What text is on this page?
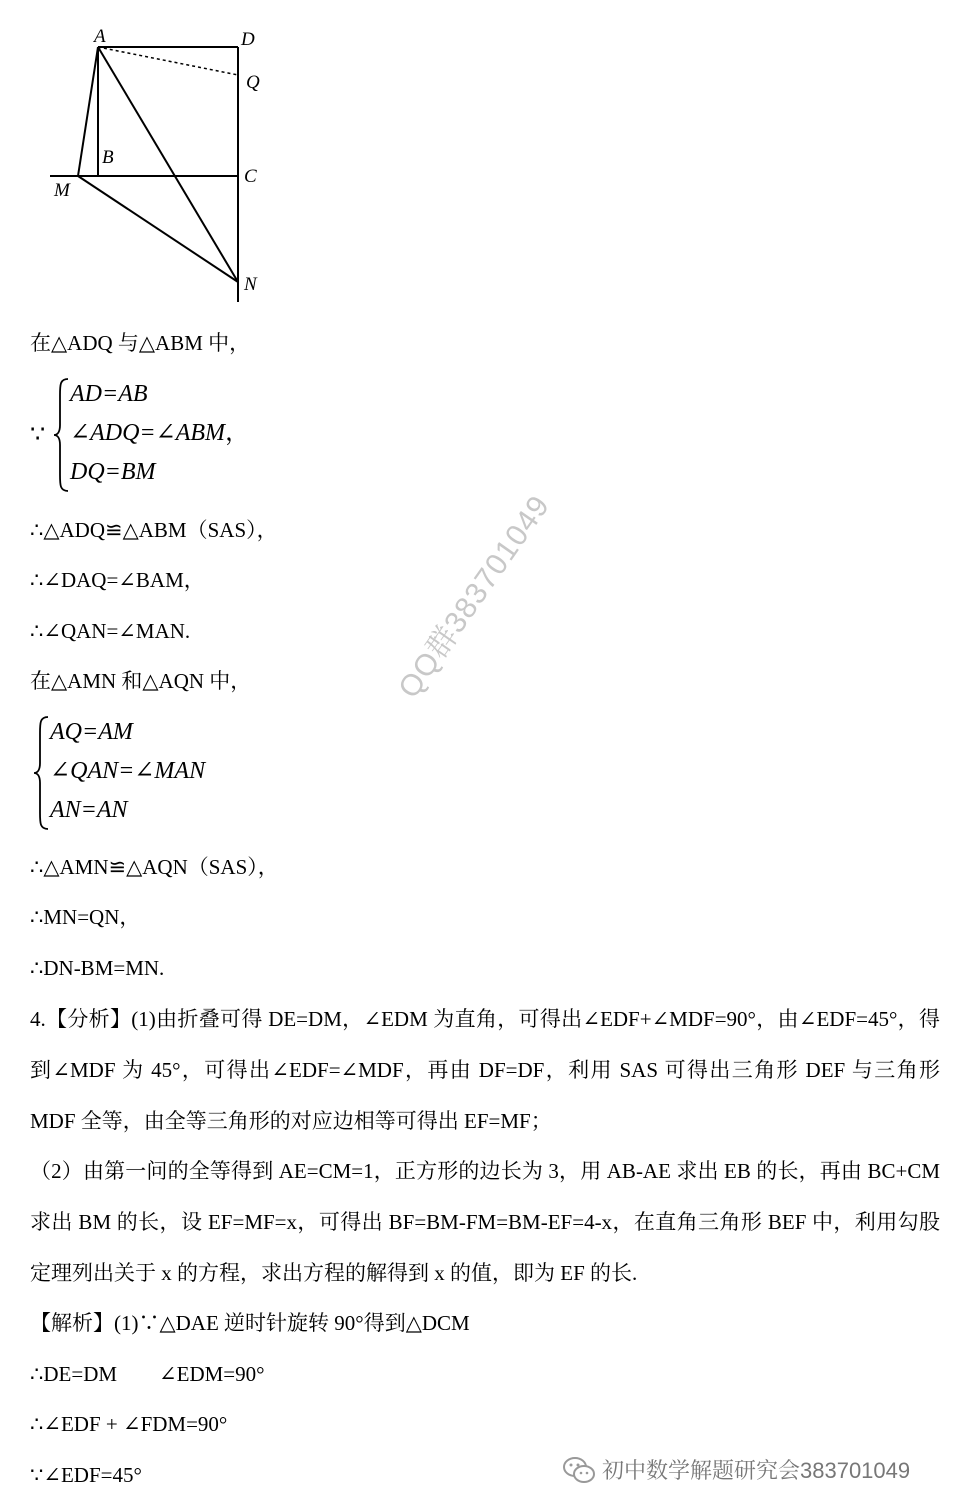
A	D
Q
B
C
M
N
在△ADQ 与△ABM 中，
∵
AD=AB
∠ADQ=∠ABM，
DQ=BM
∴△ADQ≌△ABM（SAS），
∴∠DAQ=∠BAM，
∴∠QAN=∠MAN.
在△AMN 和△AQN 中，
AQ=AM
∠QAN=∠MAN
AN=AN
∴△AMN≌△AQN（SAS），
∴MN=QN，
∴DN-BM=MN.
4.【分析】(1)由折叠可得 DE=DM，∠EDM 为直角，可得出∠EDF+∠MDF=90°，由∠EDF=45°，得到∠MDF 为 45°，可得出∠EDF=∠MDF，再由 DF=DF，利用 SAS 可得出三角形 DEF 与三角形 MDF 全等，由全等三角形的对应边相等可得出 EF=MF；
（2）由第一问的全等得到 AE=CM=1，正方形的边长为 3，用 AB-AE 求出 EB 的长，再由 BC+CM 求出 BM 的长，设 EF=MF=x，可得出 BF=BM-FM=BM-EF=4-x，在直角三角形 BEF 中，利用勾股定理列出关于 x 的方程，求出方程的解得到 x 的值，即为 EF 的长.
【解析】(1)∵△DAE 逆时针旋转 90°得到△DCM
∴DE=DM        ∠EDM=90°
∴∠EDF + ∠FDM=90°
∵∠EDF=45°
QQ群383701049
初中数学解题研究会383701049
